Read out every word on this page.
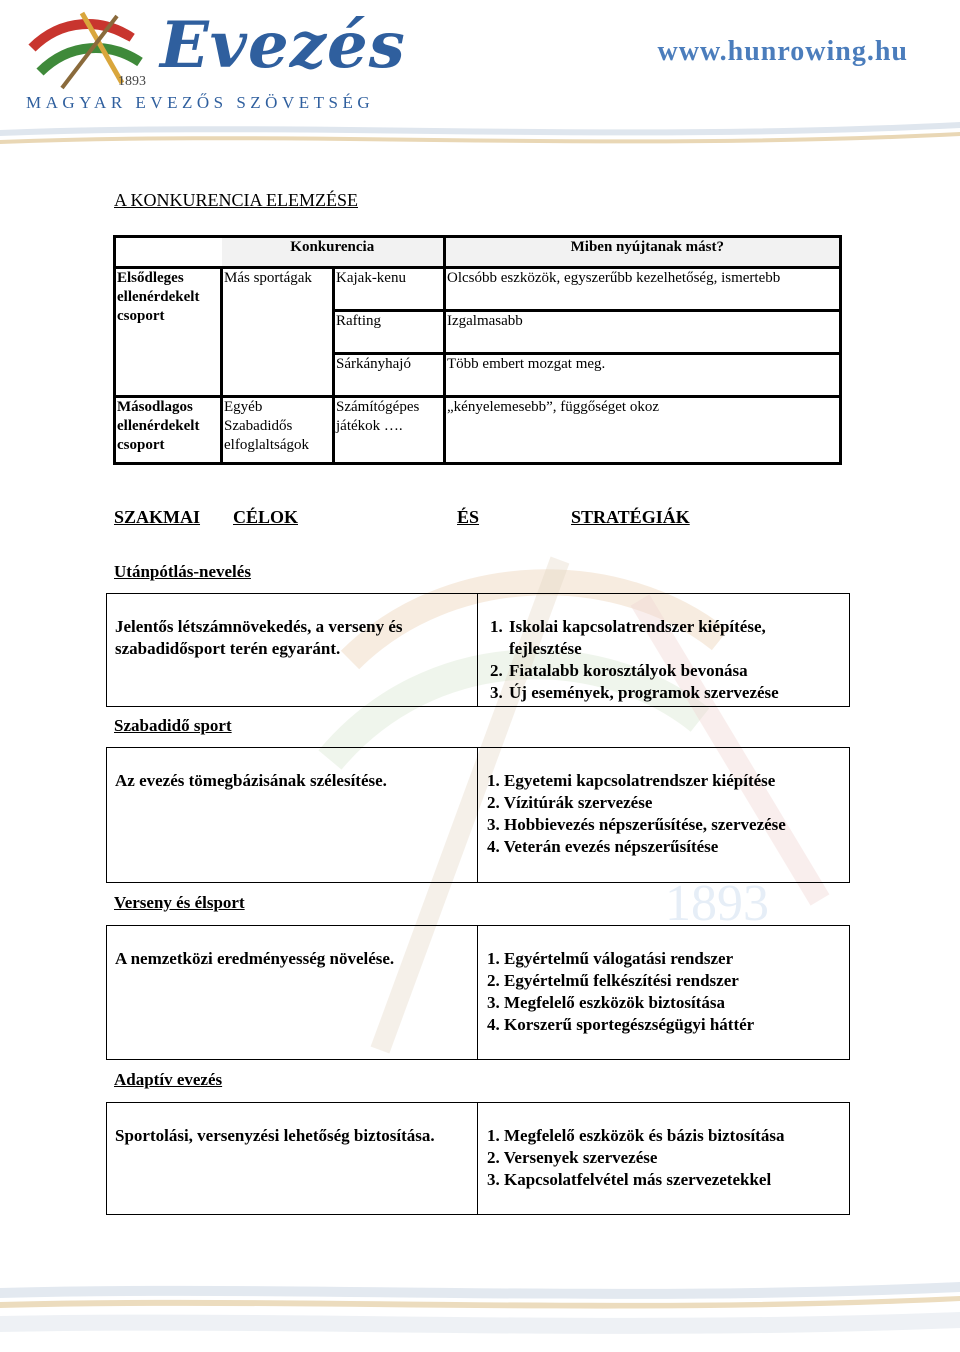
1893
1893 Evezés
MAGYAR EVEZŐS SZÖVETSÉG
www.hunrowing.hu
A KONKURENCIA ELEMZÉSE
	Konkurencia		Miben nyújtanak mást?
Elsődleges ellenérdekelt csoport	Más sportágak	Kajak-kenu	Olcsóbb eszközök, egyszerűbb kezelhetőség, ismertebb
		Rafting	Izgalmasabb
		Sárkányhajó	Több embert mozgat meg.
Másodlagos ellenérdekelt csoport	Egyéb Szabadidős elfoglaltságok	Számítógépes játékok ….	„kényelemesebb”, függőséget okoz
SZAKMAI CÉLOK	ÉS	STRATÉGIÁK
Utánpótlás-nevelés
Jelentős létszámnövekedés, a verseny és szabadidősport terén egyaránt.
1. Iskolai kapcsolatrendszer kiépítése, fejlesztése
2. Fiatalabb korosztályok bevonása
3. Új események, programok szervezése
Szabadidő sport
Az evezés tömegbázisának szélesítése.	1. Egyetemi kapcsolatrendszer kiépítése
2. Vízitúrák szervezése
3. Hobbievezés népszerűsítése, szervezése
4. Veterán evezés népszerűsítése
Verseny és élsport
A nemzetközi eredményesség növelése.	1. Egyértelmű válogatási rendszer
2. Egyértelmű felkészítési rendszer
3. Megfelelő eszközök biztosítása
4. Korszerű sportegészségügyi háttér
Adaptív evezés
Sportolási, versenyzési lehetőség biztosítása.	1. Megfelelő eszközök és bázis biztosítása
2. Versenyek szervezése
3. Kapcsolatfelvétel más szervezetekkel
